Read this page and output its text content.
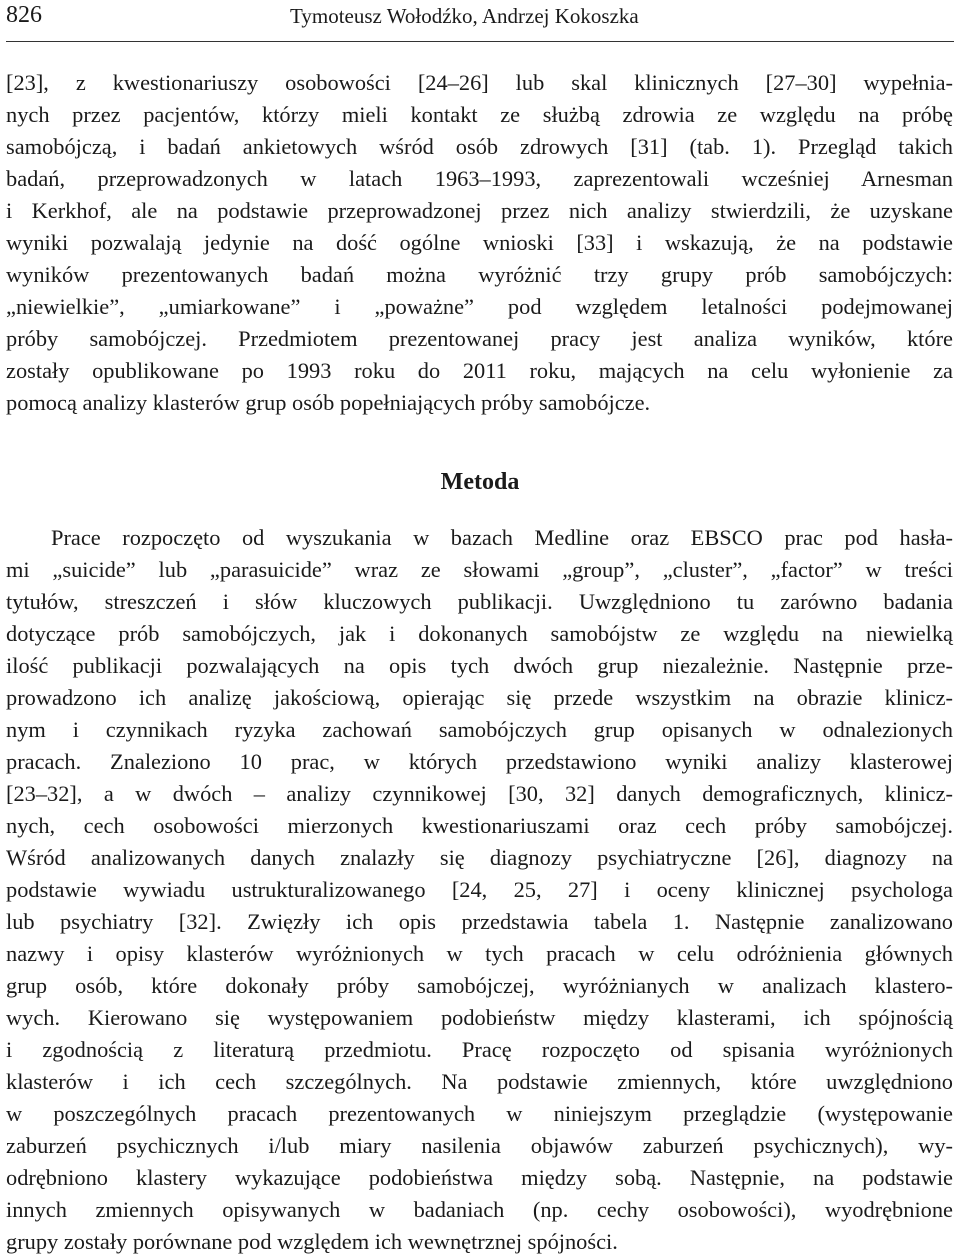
826	Tymoteusz Wołodźko, Andrzej Kokoszka
[23], z kwestionariuszy osobowości [24–26] lub skal klinicznych [27–30] wypełnia-
nych przez pacjentów, którzy mieli kontakt ze służbą zdrowia ze względu na próbę
samobójczą, i badań ankietowych wśród osób zdrowych [31] (tab. 1). Przegląd takich
badań, przeprowadzonych w latach 1963–1993, zaprezentowali wcześniej Arnesman
i Kerkhof, ale na podstawie przeprowadzonej przez nich analizy stwierdzili, że uzyskane
wyniki pozwalają jedynie na dość ogólne wnioski [33] i wskazują, że na podstawie
wyników prezentowanych badań można wyróżnić trzy grupy prób samobójczych:
„niewielkie”, „umiarkowane” i „poważne” pod względem letalności podejmowanej
próby samobójczej. Przedmiotem prezentowanej pracy jest analiza wyników, które
zostały opublikowane po 1993 roku do 2011 roku, mających na celu wyłonienie za
pomocą analizy klasterów grup osób popełniających próby samobójcze.
Metoda
Prace rozpoczęto od wyszukania w bazach Medline oraz EBSCO prac pod hasła-
mi „suicide” lub „parasuicide” wraz ze słowami „group”, „cluster”, „factor” w treści
tytułów, streszczeń i słów kluczowych publikacji. Uwzględniono tu zarówno badania
dotyczące prób samobójczych, jak i dokonanych samobójstw ze względu na niewielką
ilość publikacji pozwalających na opis tych dwóch grup niezależnie. Następnie prze-
prowadzono ich analizę jakościową, opierając się przede wszystkim na obrazie klinicz-
nym i czynnikach ryzyka zachowań samobójczych grup opisanych w odnalezionych
pracach. Znaleziono 10 prac, w których przedstawiono wyniki analizy klasterowej
[23–32], a w dwóch – analizy czynnikowej [30, 32] danych demograficznych, klinicz-
nych, cech osobowości mierzonych kwestionariuszami oraz cech próby samobójczej.
Wśród analizowanych danych znalazły się diagnozy psychiatryczne [26], diagnozy na
podstawie wywiadu ustrukturalizowanego [24, 25, 27] i oceny klinicznej psychologa
lub psychiatry [32]. Zwięzły ich opis przedstawia tabela 1. Następnie zanalizowano
nazwy i opisy klasterów wyróżnionych w tych pracach w celu odróżnienia głównych
grup osób, które dokonały próby samobójczej, wyróżnianych w analizach klastero-
wych. Kierowano się występowaniem podobieństw między klasterami, ich spójnością
i zgodnością z literaturą przedmiotu. Pracę rozpoczęto od spisania wyróżnionych
klasterów i ich cech szczególnych. Na podstawie zmiennych, które uwzględniono
w poszczególnych pracach prezentowanych w niniejszym przeglądzie (występowanie
zaburzeń psychicznych i/lub miary nasilenia objawów zaburzeń psychicznych), wy-
odrębniono klastery wykazujące podobieństwa między sobą. Następnie, na podstawie
innych zmiennych opisywanych w badaniach (np. cechy osobowości), wyodrębnione
grupy zostały porównane pod względem ich wewnętrznej spójności.
